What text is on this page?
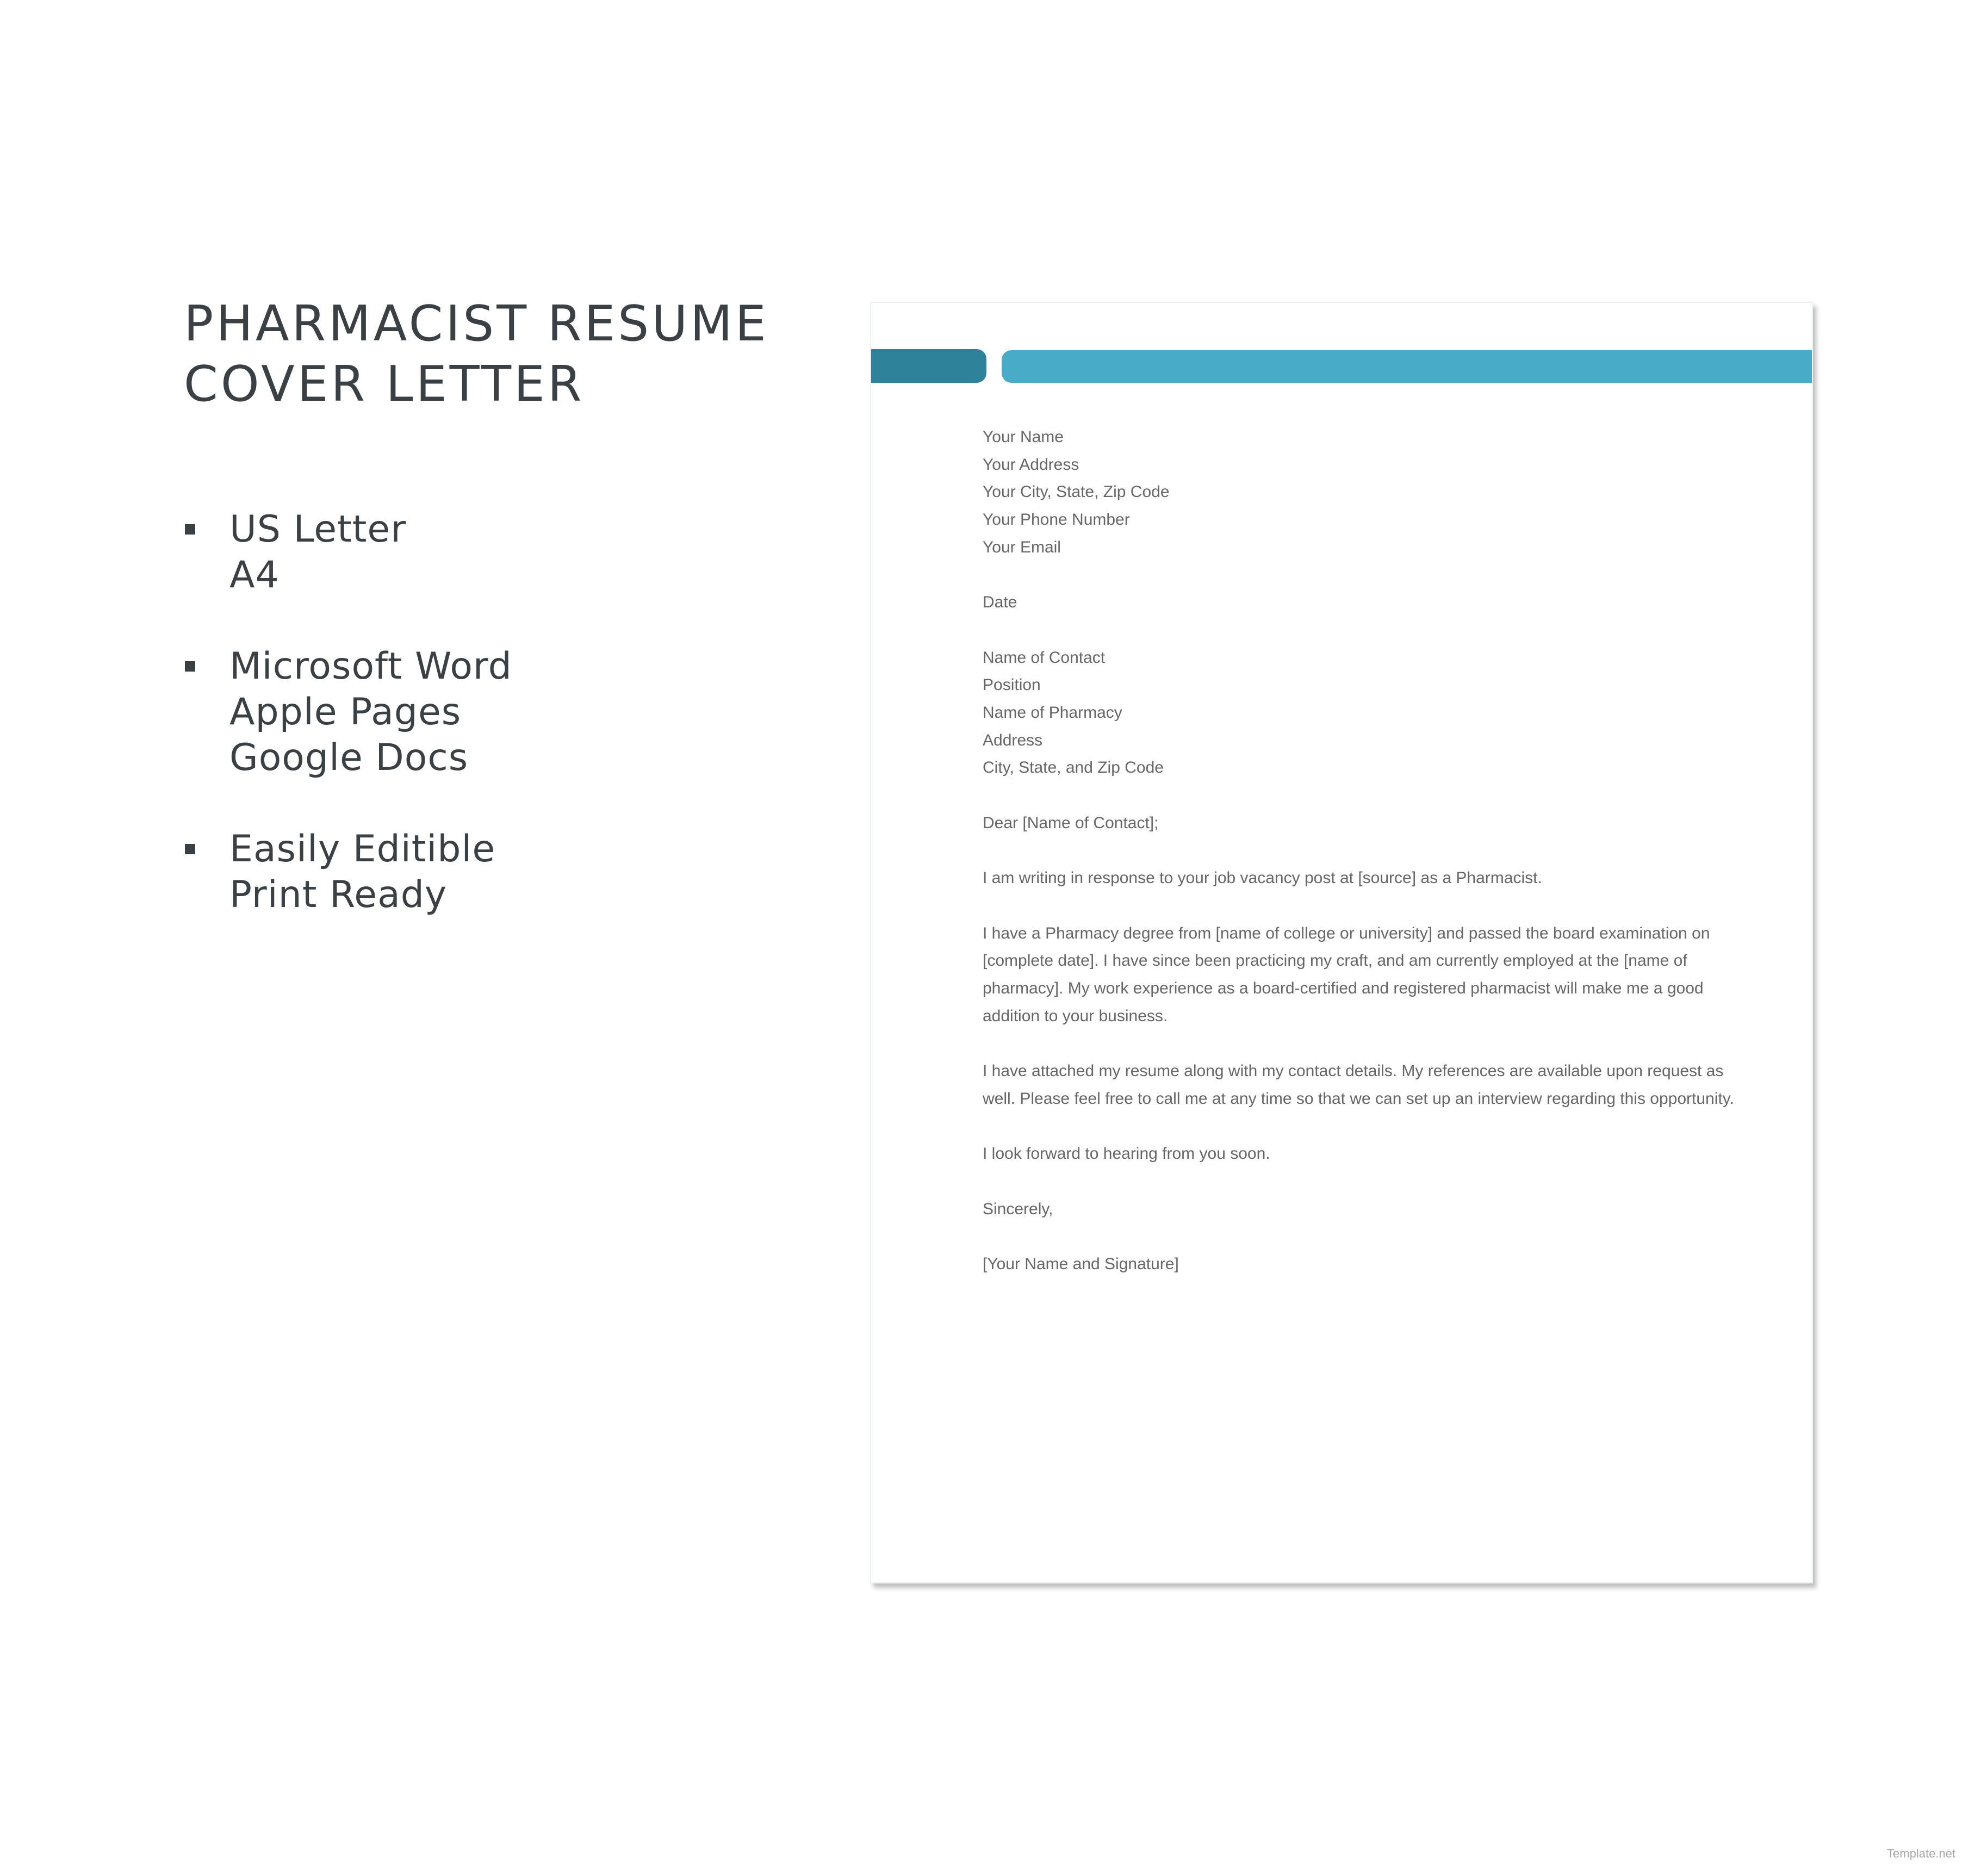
PHARMACIST RESUME
COVER LETTER
US Letter
A4
Microsoft Word
Apple Pages
Google Docs
Easily Editible
Print Ready
Your Name
Your Address
Your City, State, Zip Code
Your Phone Number
Your Email
Date
Name of Contact
Position
Name of Pharmacy
Address
City, State, and Zip Code
Dear [Name of Contact];
I am writing in response to your job vacancy post at [source] as a Pharmacist.
I have a Pharmacy degree from [name of college or university] and passed the board examination on [complete date]. I have since been practicing my craft, and am currently employed at the [name of pharmacy]. My work experience as a board-certified and registered pharmacist will make me a good addition to your business.
I have attached my resume along with my contact details. My references are available upon request as well. Please feel free to call me at any time so that we can set up an interview regarding this opportunity.
I look forward to hearing from you soon.
Sincerely,
[Your Name and Signature]
Template.net
